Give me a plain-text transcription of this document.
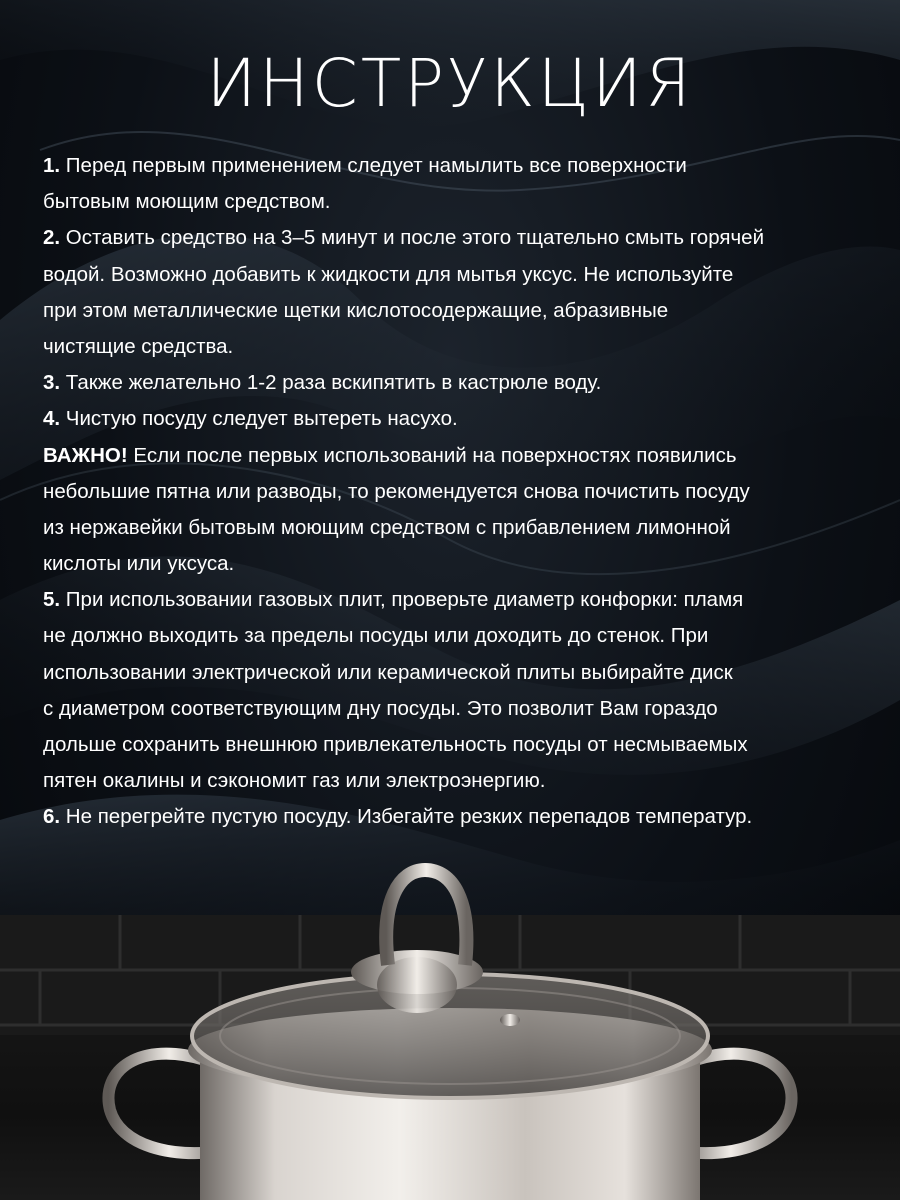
ИНСТРУКЦИЯ
1. Перед первым применением следует намылить все поверхности
бытовым моющим средством.
2. Оставить средство на 3–5 минут и после этого тщательно смыть горячей
водой. Возможно добавить к жидкости для мытья уксус. Не используйте
при этом металлические щетки кислотосодержащие, абразивные
чистящие средства.
3. Также желательно 1-2 раза вскипятить в кастрюле воду.
4. Чистую посуду следует вытереть насухо.
ВАЖНО! Если после первых использований на поверхностях появились
небольшие пятна или разводы, то рекомендуется снова почистить посуду
из нержавейки бытовым моющим средством с прибавлением лимонной
кислоты или уксуса.
5. При использовании газовых плит, проверьте диаметр конфорки: пламя
не должно выходить за пределы посуды или доходить до стенок. При
использовании электрической или керамической плиты выбирайте диск
с диаметром соответствующим дну посуды. Это позволит Вам гораздо
дольше сохранить внешнюю привлекательность посуды от несмываемых
пятен окалины и сэкономит газ или электроэнергию.
6. Не перегрейте пустую посуду. Избегайте резких перепадов температур.
